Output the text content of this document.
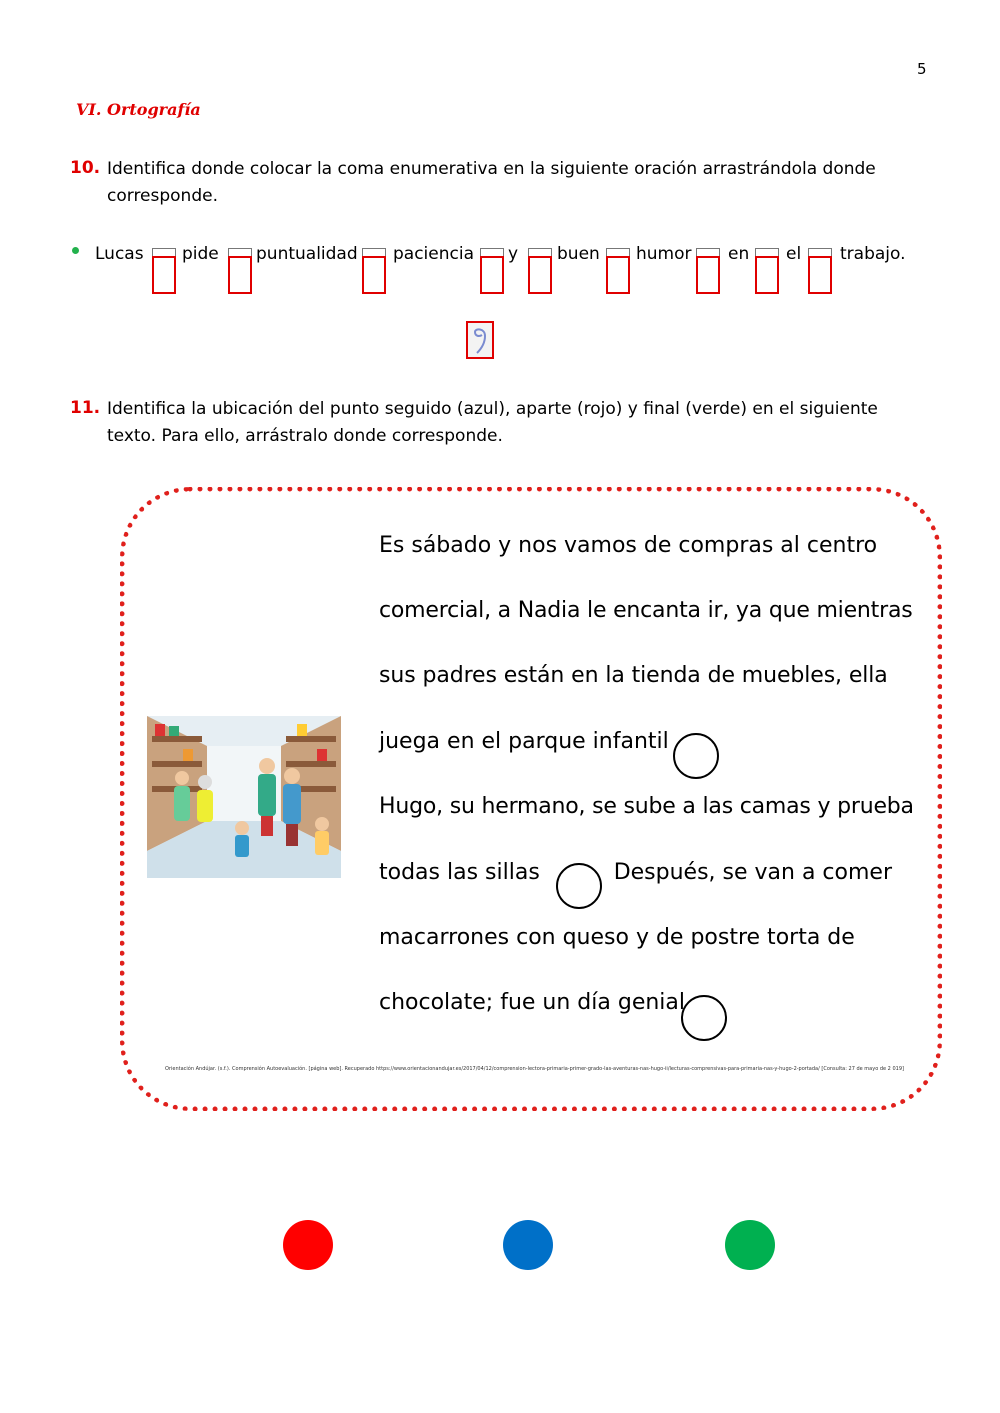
5
VI. Ortografía
10. Identifica donde colocar la coma enumerativa en la siguiente oración arrastrándola donde corresponde.
Lucas pide puntualidad paciencia y buen humor en el trabajo.
11. Identifica la ubicación del punto seguido (azul), aparte (rojo) y final (verde) en el siguiente texto. Para ello, arrástralo donde corresponde.
Es sábado y nos vamos de compras al centro
comercial, a Nadia le encanta ir, ya que mientras
sus padres están en la tienda de muebles, ella
juega en el parque infantil
Hugo, su hermano, se sube a las camas y prueba
todas las sillas	Después, se van a comer
macarrones con queso y de postre torta de
chocolate; fue un día genial
Orientación Andújar. (s.f.). Comprensión Autoevaluación. [página web]. Recuperado https://www.orientacionandujar.es/2017/04/12/comprension-lectora-primaria-primer-grado-las-aventuras-nas-hugo-ii/lecturas-comprensivas-para-primaria-nas-y-hugo-2-portada/ [Consulta: 27 de mayo de 2 019]
